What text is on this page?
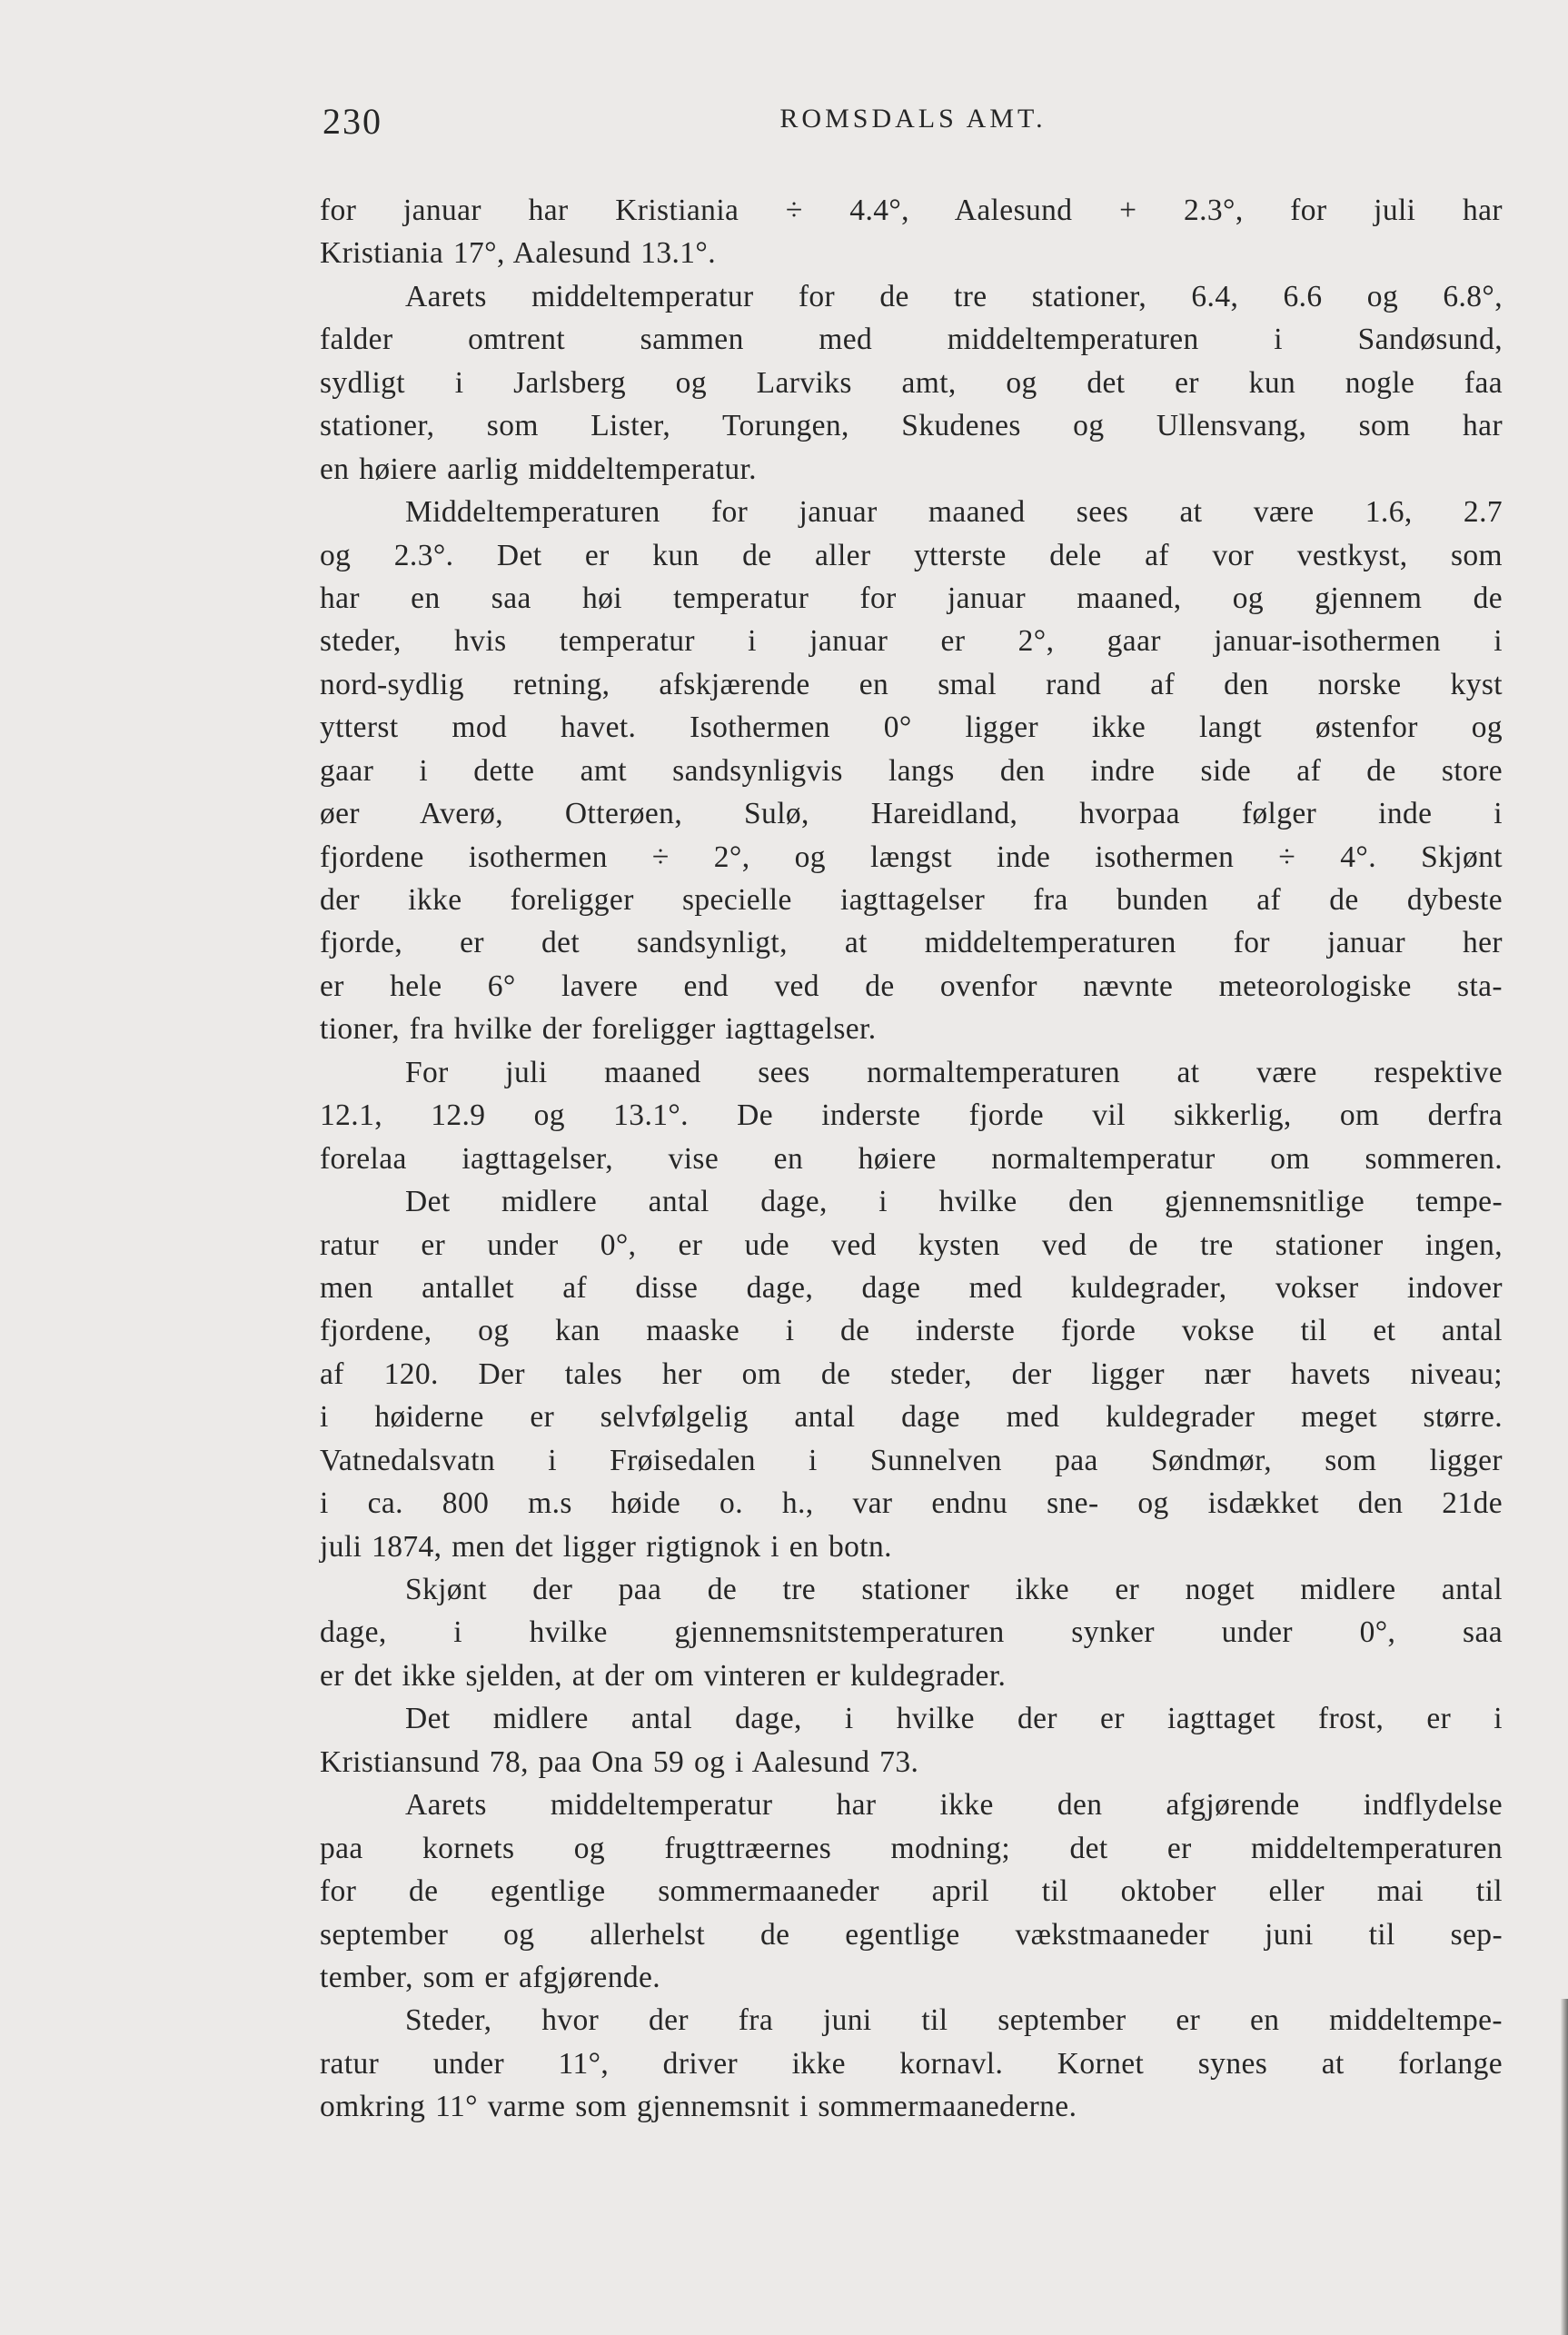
230	ROMSDALS AMT.
for januar har Kristiania ÷ 4.4°, Aalesund + 2.3°, for juli har
Kristiania 17°, Aalesund 13.1°.
Aarets middeltemperatur for de tre stationer, 6.4, 6.6 og 6.8°,
falder omtrent sammen med middeltemperaturen i Sandøsund,
sydligt i Jarlsberg og Larviks amt, og det er kun nogle faa
stationer, som Lister, Torungen, Skudenes og Ullensvang, som har
en høiere aarlig middeltemperatur.
Middeltemperaturen for januar maaned sees at være 1.6, 2.7
og 2.3°. Det er kun de aller ytterste dele af vor vestkyst, som
har en saa høi temperatur for januar maaned, og gjennem de
steder, hvis temperatur i januar er 2°, gaar januar-isothermen i
nord-sydlig retning, afskjærende en smal rand af den norske kyst
ytterst mod havet. Isothermen 0° ligger ikke langt østenfor og
gaar i dette amt sandsynligvis langs den indre side af de store
øer Averø, Otterøen, Sulø, Hareidland, hvorpaa følger inde i
fjordene isothermen ÷ 2°, og længst inde isothermen ÷ 4°. Skjønt
der ikke foreligger specielle iagttagelser fra bunden af de dybeste
fjorde, er det sandsynligt, at middeltemperaturen for januar her
er hele 6° lavere end ved de ovenfor nævnte meteorologiske sta-
tioner, fra hvilke der foreligger iagttagelser.
For juli maaned sees normaltemperaturen at være respektive
12.1, 12.9 og 13.1°. De inderste fjorde vil sikkerlig, om derfra
forelaa iagttagelser, vise en høiere normaltemperatur om sommeren.
Det midlere antal dage, i hvilke den gjennemsnitlige tempe-
ratur er under 0°, er ude ved kysten ved de tre stationer ingen,
men antallet af disse dage, dage med kuldegrader, vokser indover
fjordene, og kan maaske i de inderste fjorde vokse til et antal
af 120. Der tales her om de steder, der ligger nær havets niveau;
i høiderne er selvfølgelig antal dage med kuldegrader meget større.
Vatnedalsvatn i Frøisedalen i Sunnelven paa Søndmør, som ligger
i ca. 800 m.s høide o. h., var endnu sne- og isdækket den 21de
juli 1874, men det ligger rigtignok i en botn.
Skjønt der paa de tre stationer ikke er noget midlere antal
dage, i hvilke gjennemsnitstemperaturen synker under 0°, saa
er det ikke sjelden, at der om vinteren er kuldegrader.
Det midlere antal dage, i hvilke der er iagttaget frost, er i
Kristiansund 78, paa Ona 59 og i Aalesund 73.
Aarets middeltemperatur har ikke den afgjørende indflydelse
paa kornets og frugttræernes modning; det er middeltemperaturen
for de egentlige sommermaaneder april til oktober eller mai til
september og allerhelst de egentlige vækstmaaneder juni til sep-
tember, som er afgjørende.
Steder, hvor der fra juni til september er en middeltempe-
ratur under 11°, driver ikke kornavl. Kornet synes at forlange
omkring 11° varme som gjennemsnit i sommermaanederne.
